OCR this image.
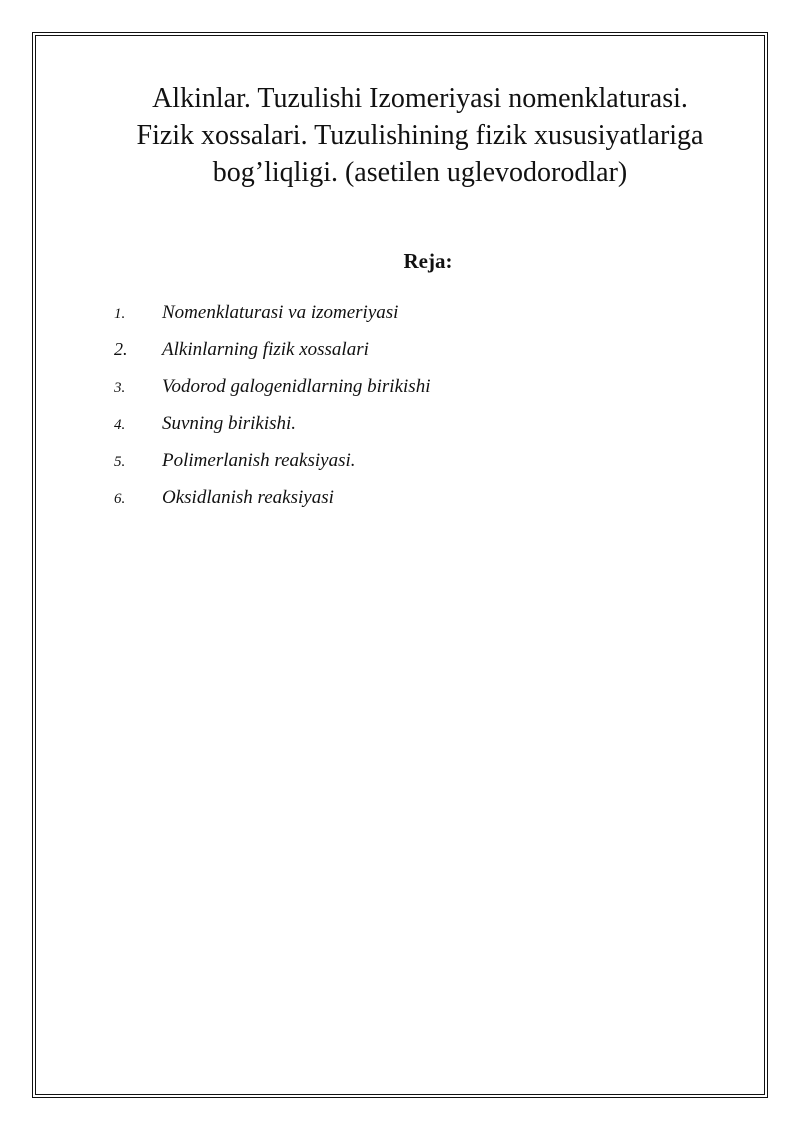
Alkinlar. Tuzulishi Izomeriyasi nomenklaturasi.
Fizik xossalari. Tuzulishining fizik xususiyatlariga
bog’liqligi. (asetilen uglevodorodlar)
Reja:
1.	Nomenklaturasi va izomeriyasi
2.	Alkinlarning fizik xossalari
3.	Vodorod galogenidlarning birikishi
4.	Suvning birikishi.
5.	Polimerlanish reaksiyasi.
6.	Oksidlanish reaksiyasi
